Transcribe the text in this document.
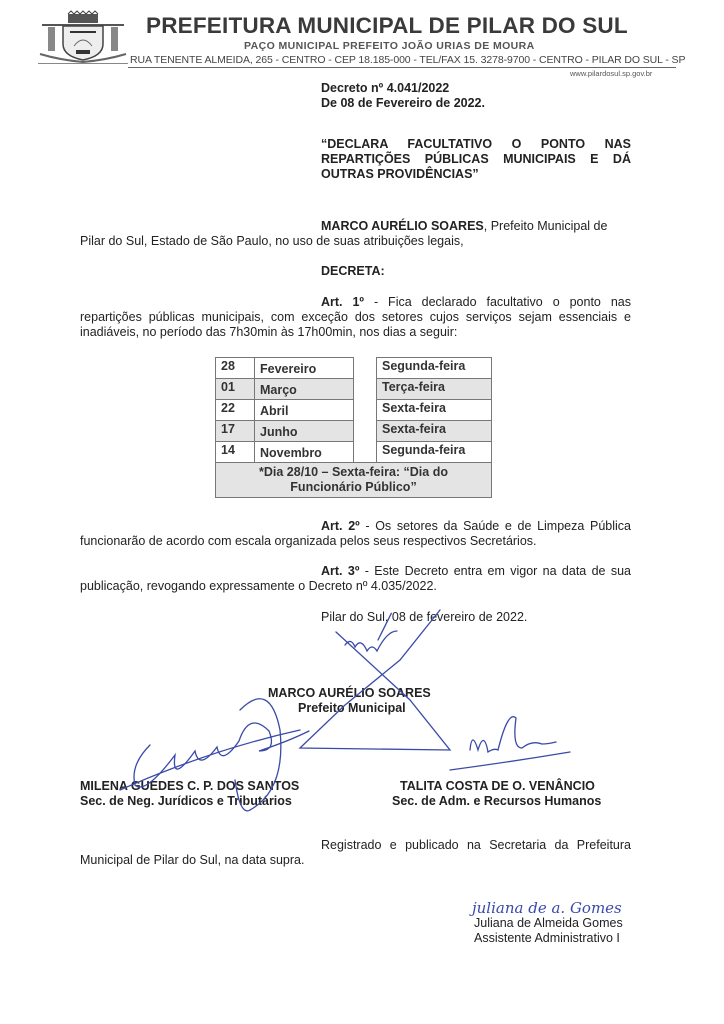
PREFEITURA MUNICIPAL DE PILAR DO SUL
PAÇO MUNICIPAL PREFEITO JOÃO URIAS DE MOURA
RUA TENENTE ALMEIDA, 265 - CENTRO - CEP 18.185-000 - TEL/FAX 15. 3278-9700 - CENTRO - PILAR DO SUL - SP
www.pilardosul.sp.gov.br
Decreto nº 4.041/2022
De 08 de Fevereiro de 2022.
“DECLARA FACULTATIVO O PONTO NAS
REPARTIÇÕES PÚBLICAS MUNICIPAIS E DÁ
OUTRAS PROVIDÊNCIAS”
MARCO AURÉLIO SOARES, Prefeito Municipal de
Pilar do Sul, Estado de São Paulo, no uso de suas atribuições legais,
DECRETA:
Art. 1º - Fica declarado facultativo o ponto nas
repartições públicas municipais, com exceção dos setores cujos serviços sejam essenciais e
inadiáveis, no período das 7h30min às 17h00min, nos dias a seguir:
28	Fevereiro		Segunda-feira
01	Março		Terça-feira
22	Abril		Sexta-feira
17	Junho		Sexta-feira
14	Novembro		Segunda-feira

*Dia 28/10 – Sexta-feira: “Dia do
Funcionário Público”			
Art. 2º - Os setores da Saúde e de Limpeza Pública
funcionarão de acordo com escala organizada pelos seus respectivos Secretários.
Art. 3º - Este Decreto entra em vigor na data de sua
publicação, revogando expressamente o Decreto nº 4.035/2022.
Pilar do Sul, 08 de fevereiro de 2022.
MARCO AURÉLIO SOARES
Prefeito Municipal
MILENA GUEDES C. P. DOS SANTOS
Sec. de Neg. Jurídicos e Tributários
TALITA COSTA DE O. VENÂNCIO
Sec. de Adm. e Recursos Humanos
juliana de a. Gomes
Registrado e publicado na Secretaria da Prefeitura
Municipal de Pilar do Sul, na data supra.
Juliana de Almeida Gomes
Assistente Administrativo I
